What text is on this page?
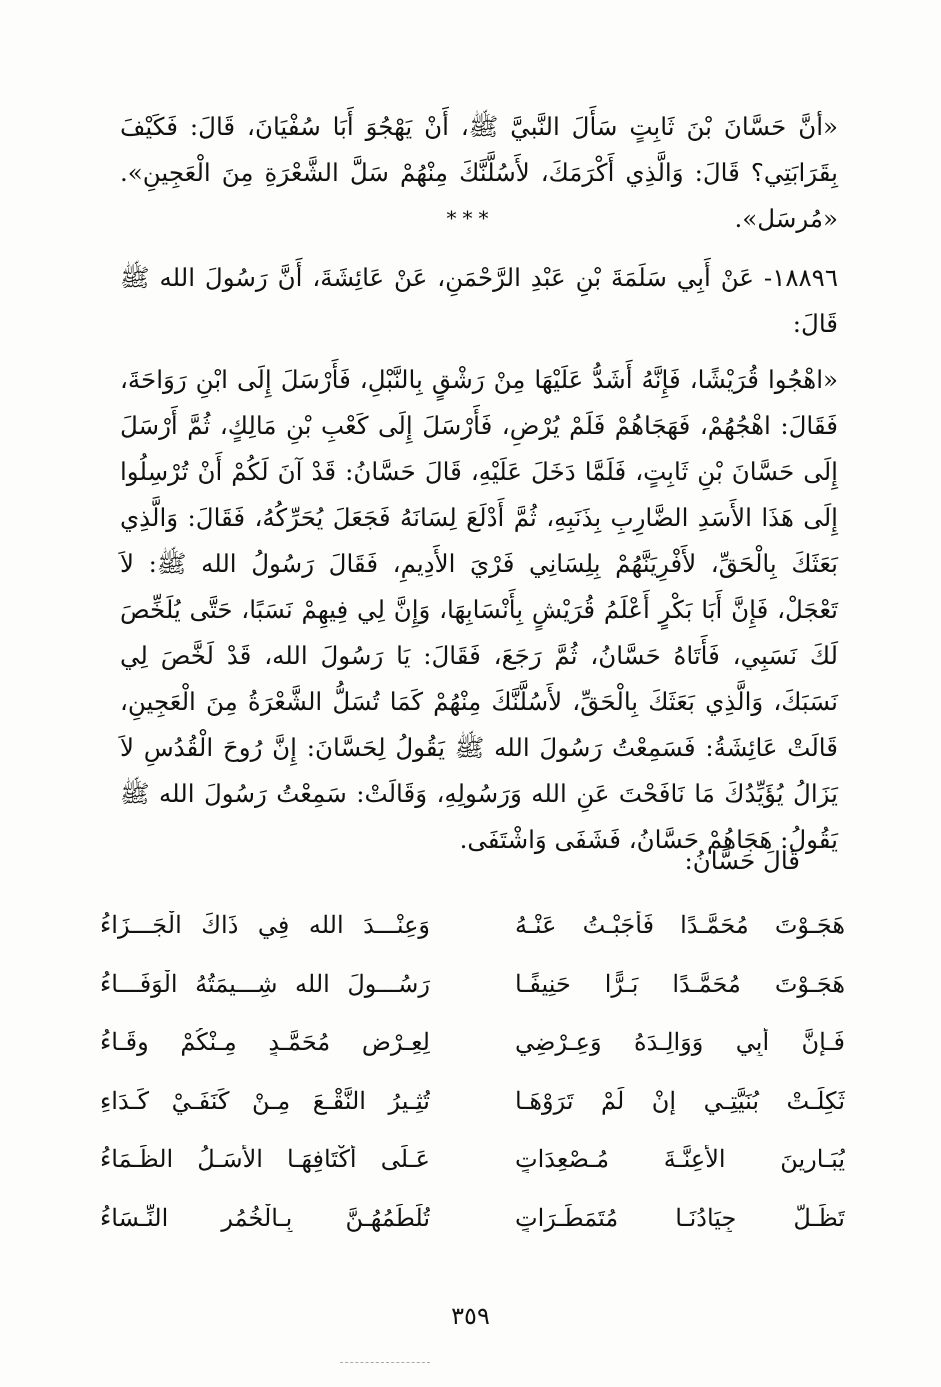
«أنَّ حَسَّانَ بْنَ ثَابِتٍ سَأَلَ النَّبيَّ ﷺ، أَنْ يَهْجُوَ أَبَا سُفْيَانَ، قَالَ: فَكَيْفَ بِقَرَابَتِي؟ قَالَ: وَالَّذِي أَكْرَمَكَ، لأَسُلَّنَّكَ مِنْهُمْ سَلَّ الشَّعْرَةِ مِنَ الْعَجِينِ». «مُرسَل».
***
١٨٨٩٦- عَنْ أَبِي سَلَمَةَ بْنِ عَبْدِ الرَّحْمَنِ، عَنْ عَائِشَةَ، أَنَّ رَسُولَ الله ﷺ قَالَ:
«اهْجُوا قُرَيْشًا، فَإِنَّهُ أَشَدُّ عَلَيْهَا مِنْ رَشْقٍ بِالنَّبْلِ، فَأَرْسَلَ إِلَى ابْنِ رَوَاحَةَ، فَقَالَ: اهْجُهُمْ، فَهَجَاهُمْ فَلَمْ يُرْضِ، فَأَرْسَلَ إِلَى كَعْبِ بْنِ مَالِكٍ، ثُمَّ أَرْسَلَ إِلَى حَسَّانَ بْنِ ثَابِتٍ، فَلَمَّا دَخَلَ عَلَيْهِ، قَالَ حَسَّانُ: قَدْ آنَ لَكُمْ أَنْ تُرْسِلُوا إِلَى هَذَا الأَسَدِ الضَّارِبِ بِذَنَبِهِ، ثُمَّ أَدْلَعَ لِسَانَهُ فَجَعَلَ يُحَرِّكُهُ، فَقَالَ: وَالَّذِي بَعَثَكَ بِالْحَقِّ، لأَفْرِيَنَّهُمْ بِلِسَانِي فَرْيَ الأَدِيمِ، فَقَالَ رَسُولُ الله ﷺ: لاَ تَعْجَلْ، فَإِنَّ أَبَا بَكْرٍ أَعْلَمُ قُرَيْشٍ بِأَنْسَابِهَا، وَإِنَّ لِي فِيهِمْ نَسَبًا، حَتَّى يُلَخِّصَ لَكَ نَسَبِي، فَأَتَاهُ حَسَّانُ، ثُمَّ رَجَعَ، فَقَالَ: يَا رَسُولَ الله، قَدْ لَخَّصَ لِي نَسَبَكَ، وَالَّذِي بَعَثَكَ بِالْحَقِّ، لأَسُلَّنَّكَ مِنْهُمْ كَمَا تُسَلُّ الشَّعْرَةُ مِنَ الْعَجِينِ، قَالَتْ عَائِشَةُ: فَسَمِعْتُ رَسُولَ الله ﷺ يَقُولُ لِحَسَّانَ: إِنَّ رُوحَ الْقُدُسِ لاَ يَزَالُ يُؤَيِّدُكَ مَا نَافَحْتَ عَنِ الله وَرَسُولِهِ، وَقَالَتْ: سَمِعْتُ رَسُولَ الله ﷺ يَقُولُ: هَجَاهُمْ حَسَّانُ، فَشَفَى وَاشْتَفَى.
قَالَ حَسَّانُ:
هَجَـوْتَ مُحَمَّـدًا فَأَجَبْـتُ عَنْـهُ
وَعِنْـــدَ الله فِي ذَاكَ الْجَـــزَاءُ
هَجَـوْتَ مُحَمَّـدًا بَـرًّا حَنِيفًـا
رَسُـــولَ الله شِـــيمَتُهُ الْوَفَـــاءُ
فَـإِنَّ أَبِي وَوَالِـدَهُ وَعِـرْضِي
لِعِـرْضِ مُحَمَّـدٍ مِـنْكُمْ وِقَـاءُ
ثَكِلَـتْ بُنَيَّتِـي إِنْ لَمْ تَرَوْهَـا
تُثِـيرُ النَّقْـعَ مِـنْ كَنَفَـيْ كَـدَاءِ
يُبَـارِينَ الأَعِنَّـةَ مُـصْعِدَاتٍ
عَـلَى أَكْتَافِهَـا الأَسَـلُ الظِّـمَاءُ
تَظَـلُّ جِيَادُنَـا مُتَمَطِّـرَاتٍ
تُلَطِّمُهُـنَّ بِـالْخُمُرِ النِّـسَاءُ
٣٥٩
